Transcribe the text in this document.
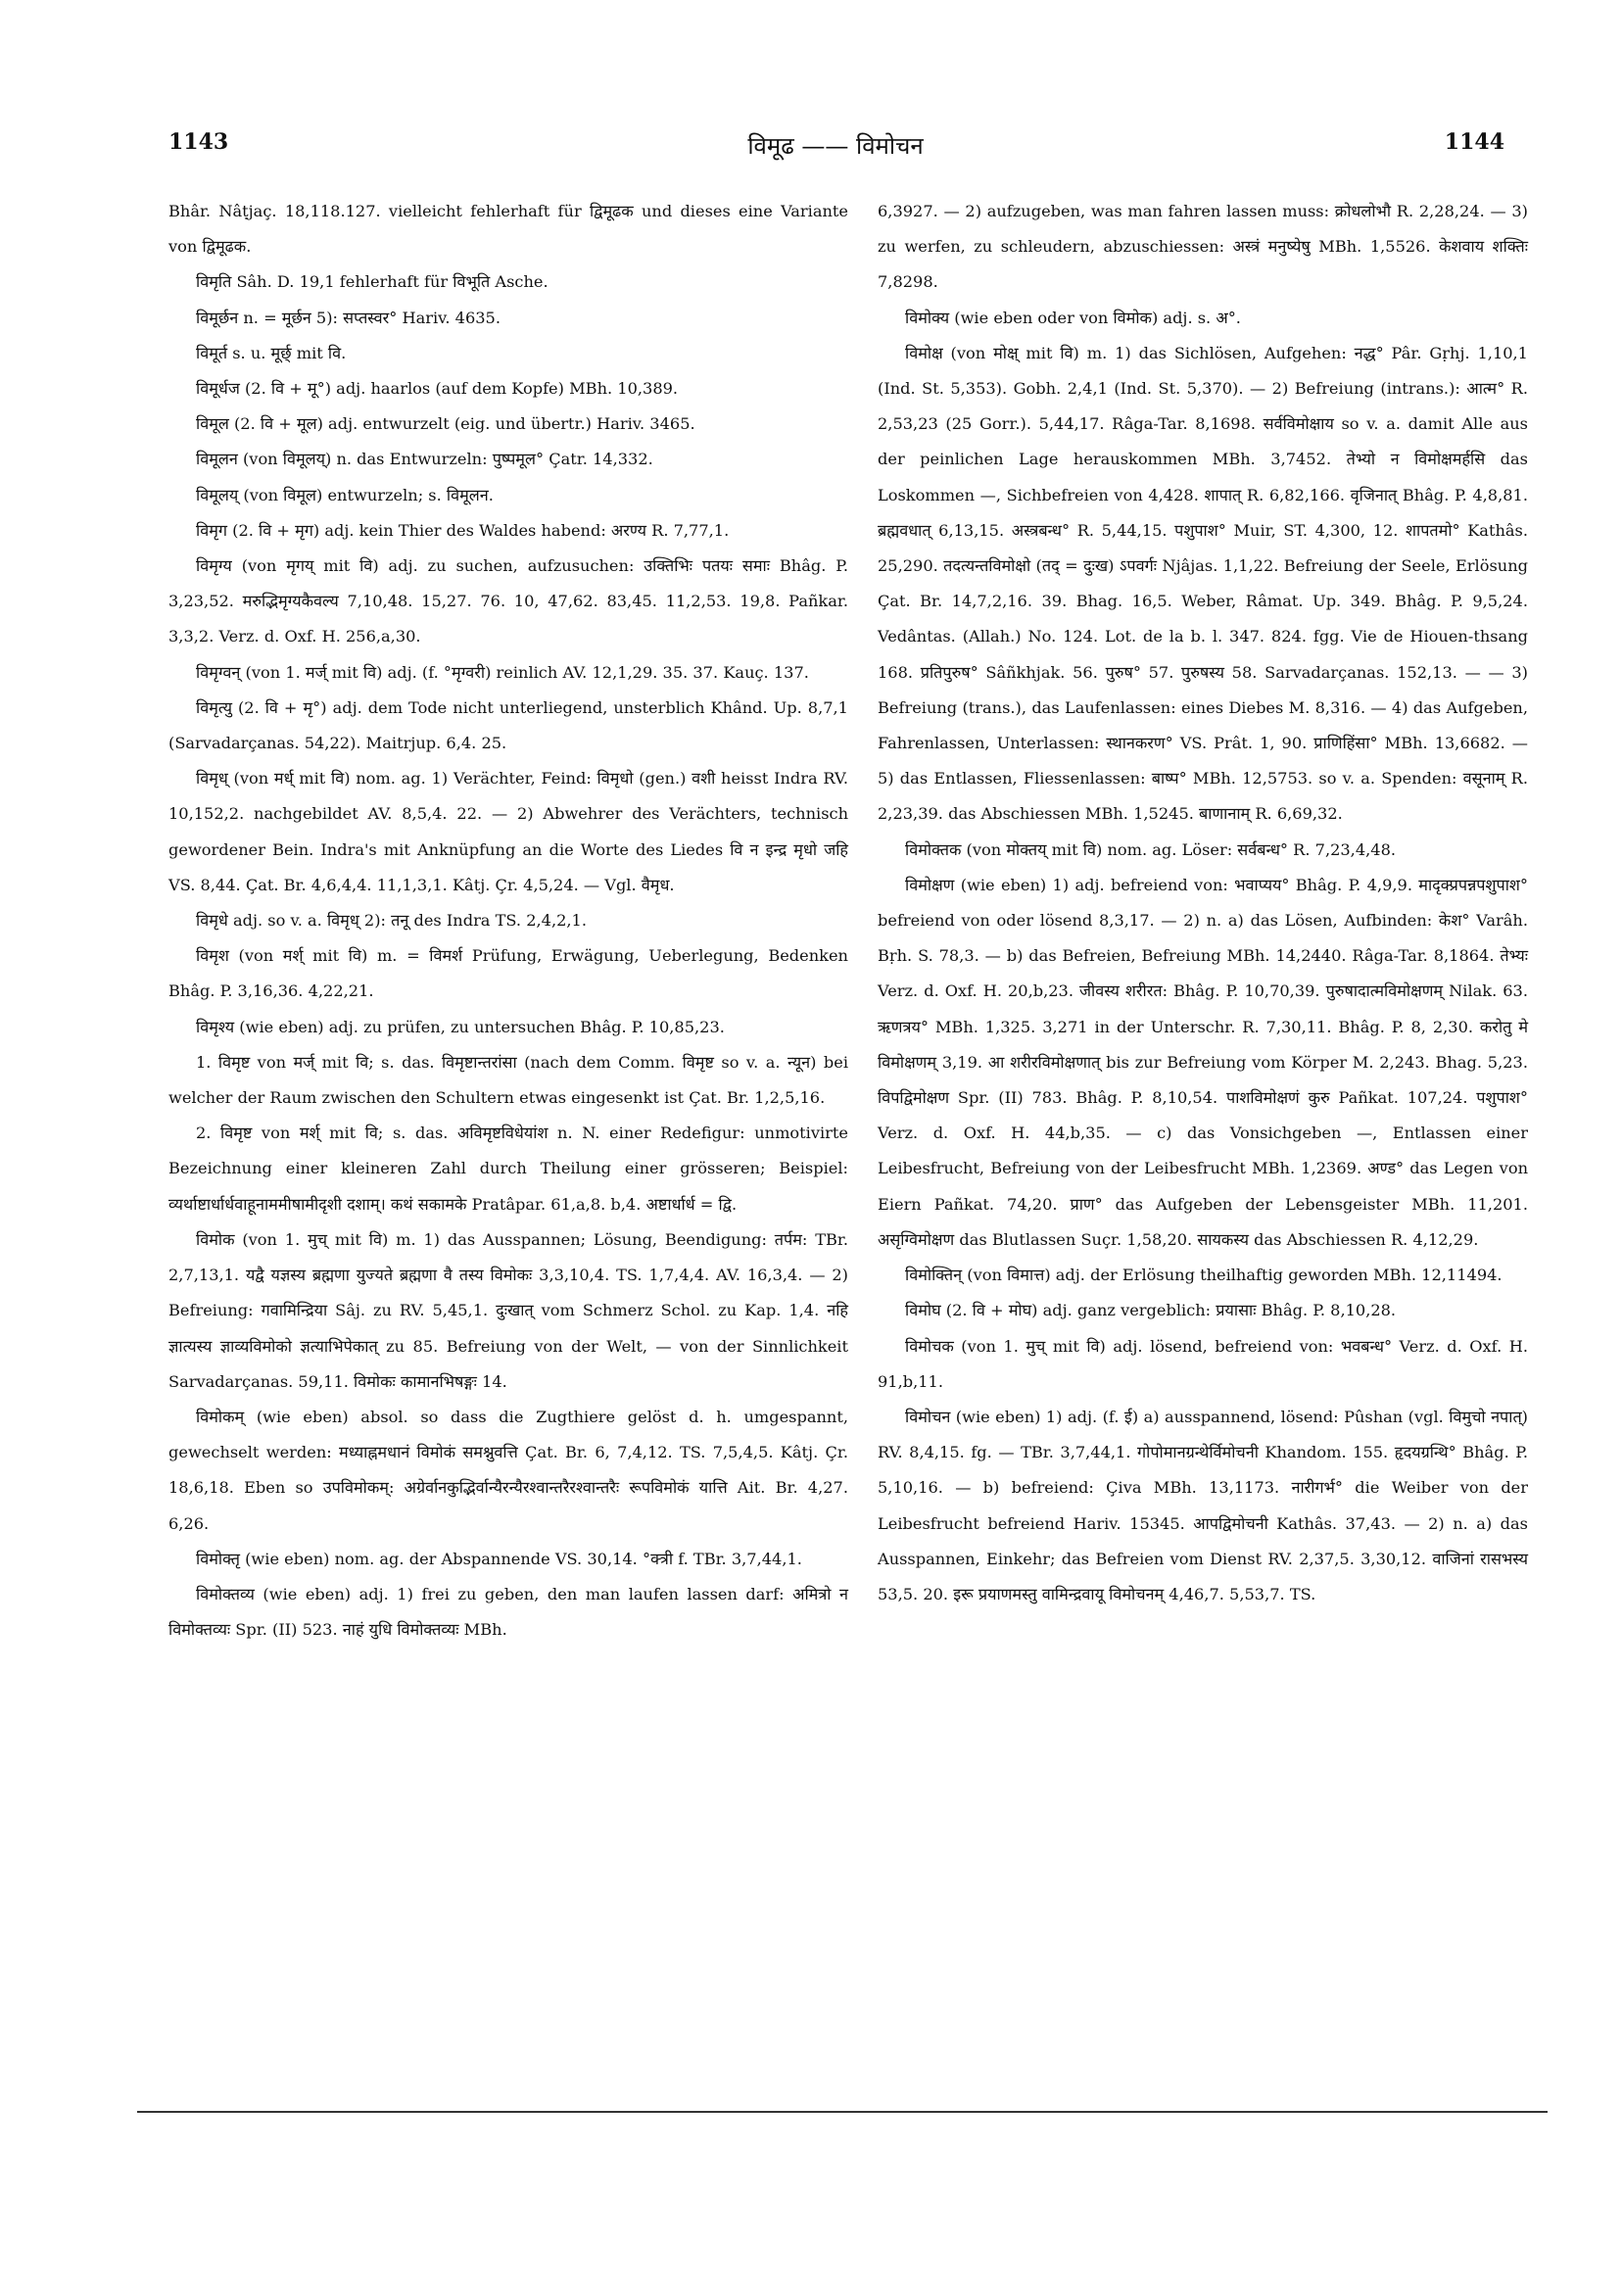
1143	विमूढ —— विमोचन	1144

Bhâr. Nâṭjaç. 18,118.127. vielleicht fehlerhaft für द्विमूढक und dieses eine Variante von द्विमूढक.

विमृति Sâh. D. 19,1 fehlerhaft für विभूति Asche.

विमूर्छन n. = मूर्छन 5): सप्तस्वर° Hariv. 4635.

विमूर्त s. u. मूर्छ् mit वि.

विमूर्धज (2. वि + मू°) adj. haarlos (auf dem Kopfe) MBh. 10,389.

विमूल (2. वि + मूल) adj. entwurzelt (eig. und übertr.) Hariv. 3465.

विमूलन (von विमूलय्) n. das Entwurzeln: पुष्पमूल° Çatr. 14,332.

विमूलय् (von विमूल) entwurzeln; s. विमूलन.

विमृग (2. वि + मृग) adj. kein Thier des Waldes habend: अरण्य R. 7,77,1.

विमृग्य (von मृगय् mit वि) adj. zu suchen, aufzusuchen: उक्तिभिः पतयः समाः Bhâg. P. 3,23,52. मरुद्भिमृग्यकैवल्य 7,10,48. 15,27. 76. 10, 47,62. 83,45. 11,2,53. 19,8. Pañkar. 3,3,2. Verz. d. Oxf. H. 256,a,30.

विमृग्वन् (von 1. मर्ज् mit वि) adj. (f. °मृग्वरी) reinlich AV. 12,1,29. 35. 37. Kauç. 137.

विमृत्यु (2. वि + मृ°) adj. dem Tode nicht unterliegend, unsterblich Khând. Up. 8,7,1 (Sarvadarçanas. 54,22). Maitrjup. 6,4. 25.

विमृध् (von मर्ध् mit वि) nom. ag. 1) Verächter, Feind: विमृधो (gen.) वशी heisst Indra RV. 10,152,2. nachgebildet AV. 8,5,4. 22. — 2) Abwehrer des Verächters, technisch gewordener Bein. Indra's mit Anknüpfung an die Worte des Liedes वि न इन्द्र मृधो जहि VS. 8,44. Çat. Br. 4,6,4,4. 11,1,3,1. Kâtj. Çr. 4,5,24. — Vgl. वैमृध.

विमृधे adj. so v. a. विमृध् 2): तनू des Indra TS. 2,4,2,1.

विमृश (von मर्श् mit वि) m. = विमर्श Prüfung, Erwägung, Ueberlegung, Bedenken Bhâg. P. 3,16,36. 4,22,21.

विमृश्य (wie eben) adj. zu prüfen, zu untersuchen Bhâg. P. 10,85,23.

1. विमृष्ट von मर्ज् mit वि; s. das. विमृष्टान्तरांसा (nach dem Comm. विमृष्ट so v. a. न्यून) bei welcher der Raum zwischen den Schultern etwas eingesenkt ist Çat. Br. 1,2,5,16.

2. विमृष्ट von मर्श् mit वि; s. das. अविमृष्टविधेयांश n. N. einer Redefigur: unmotivirte Bezeichnung einer kleineren Zahl durch Theilung einer grösseren; Beispiel: व्यर्थाष्टार्धार्धवाहूनाममीषामीदृशी दशाम्। कथं सकामके Pratâpar. 61,a,8. b,4. अष्टार्धार्ध = द्वि.

विमोक (von 1. मुच् mit वि) m. 1) das Ausspannen; Lösung, Beendigung: तर्पम: TBr. 2,7,13,1. यद्वै यज्ञस्य ब्रह्मणा युज्यते ब्रह्मणा वै तस्य विमोकः 3,3,10,4. TS. 1,7,4,4. AV. 16,3,4. — 2) Befreiung: गवामिन्द्रिया Sâj. zu RV. 5,45,1. दुःखात् vom Schmerz Schol. zu Kap. 1,4. नहि ज्ञात्यस्य ज्ञाव्यविमोको ज्ञत्याभिपेकात् zu 85. Befreiung von der Welt, — von der Sinnlichkeit Sarvadarçanas. 59,11. विमोकः कामानभिषङ्गः 14.

विमोकम् (wie eben) absol. so dass die Zugthiere gelöst d. h. umgespannt, gewechselt werden: मध्याह्नमधानं विमोकं समश्नुवत्ति Çat. Br. 6, 7,4,12. TS. 7,5,4,5. Kâtj. Çr. 18,6,18. Eben so उपविमोकम्: अग्रेर्वानकुद्भिर्वान्यैरन्यैरश्वान्तरैरश्वान्तरैः रूपविमोकं यात्ति Ait. Br. 4,27. 6,26.

विमोक्तृ (wie eben) nom. ag. der Abspannende VS. 30,14. °क्त्री f. TBr. 3,7,44,1.

विमोक्तव्य (wie eben) adj. 1) frei zu geben, den man laufen lassen darf: अमित्रो न विमोक्तव्यः Spr. (II) 523. नाहं युधि विमोक्तव्यः MBh.

6,3927. — 2) aufzugeben, was man fahren lassen muss: क्रोधलोभौ R. 2,28,24. — 3) zu werfen, zu schleudern, abzuschiessen: अस्त्रं मनुष्येषु MBh. 1,5526. केशवाय शक्तिः 7,8298.

विमोक्य (wie eben oder von विमोक) adj. s. अ°.

विमोक्ष (von मोक्ष् mit वि) m. 1) das Sichlösen, Aufgehen: नद्ध° Pâr. Gṛhj. 1,10,1 (Ind. St. 5,353). Gobh. 2,4,1 (Ind. St. 5,370). — 2) Befreiung (intrans.): आत्म° R. 2,53,23 (25 Gorr.). 5,44,17. Râga-Tar. 8,1698. सर्वविमोक्षाय so v. a. damit Alle aus der peinlichen Lage herauskommen MBh. 3,7452. तेभ्यो न विमोक्षमर्हसि das Loskommen —, Sichbefreien von 4,428. शापात् R. 6,82,166. वृजिनात् Bhâg. P. 4,8,81. ब्रह्मवधात् 6,13,15. अस्त्रबन्ध° R. 5,44,15. पशुपाश° Muir, ST. 4,300, 12. शापतमो° Kathâs. 25,290. तदत्यन्तविमोक्षो (तद् = दुःख) ऽपवर्गः Njâjas. 1,1,22. Befreiung der Seele, Erlösung Çat. Br. 14,7,2,16. 39. Bhag. 16,5. Weber, Râmat. Up. 349. Bhâg. P. 9,5,24. Vedântas. (Allah.) No. 124. Lot. de la b. l. 347. 824. fgg. Vie de Hiouen-thsang 168. प्रतिपुरुष° Sâñkhjak. 56. पुरुष° 57. पुरुषस्य 58. Sarvadarçanas. 152,13. — — 3) Befreiung (trans.), das Laufenlassen: eines Diebes M. 8,316. — 4) das Aufgeben, Fahrenlassen, Unterlassen: स्थानकरण° VS. Prât. 1, 90. प्राणिहिंसा° MBh. 13,6682. — 5) das Entlassen, Fliessenlassen: बाष्प° MBh. 12,5753. so v. a. Spenden: वसूनाम् R. 2,23,39. das Abschiessen MBh. 1,5245. बाणानाम् R. 6,69,32.

विमोक्तक (von मोक्तय् mit वि) nom. ag. Löser: सर्वबन्ध° R. 7,23,4,48.

विमोक्षण (wie eben) 1) adj. befreiend von: भवाप्यय° Bhâg. P. 4,9,9. मादृक्प्रपन्नपशुपाश° befreiend von oder lösend 8,3,17. — 2) n. a) das Lösen, Aufbinden: केश° Varâh. Bṛh. S. 78,3. — b) das Befreien, Befreiung MBh. 14,2440. Râga-Tar. 8,1864. तेभ्यः Verz. d. Oxf. H. 20,b,23. जीवस्य शरीरत: Bhâg. P. 10,70,39. पुरुषादात्मविमोक्षणम् Nilak. 63. ऋणत्रय° MBh. 1,325. 3,271 in der Unterschr. R. 7,30,11. Bhâg. P. 8, 2,30. करोतु मे विमोक्षणम् 3,19. आ शरीरविमोक्षणात् bis zur Befreiung vom Körper M. 2,243. Bhag. 5,23. विपद्विमोक्षण Spr. (II) 783. Bhâg. P. 8,10,54. पाशविमोक्षणं कुरु Pañkat. 107,24. पशुपाश° Verz. d. Oxf. H. 44,b,35. — c) das Vonsichgeben —, Entlassen einer Leibesfrucht, Befreiung von der Leibesfrucht MBh. 1,2369. अण्ड° das Legen von Eiern Pañkat. 74,20. प्राण° das Aufgeben der Lebensgeister MBh. 11,201. असृग्विमोक्षण das Blutlassen Suçr. 1,58,20. सायकस्य das Abschiessen R. 4,12,29.

विमोक्तिन् (von विमात्त) adj. der Erlösung theilhaftig geworden MBh. 12,11494.

विमोघ (2. वि + मोघ) adj. ganz vergeblich: प्रयासाः Bhâg. P. 8,10,28.

विमोचक (von 1. मुच् mit वि) adj. lösend, befreiend von: भवबन्ध° Verz. d. Oxf. H. 91,b,11.

विमोचन (wie eben) 1) adj. (f. ई) a) ausspannend, lösend: Pûshan (vgl. विमुचो नपात्) RV. 8,4,15. fg. — TBr. 3,7,44,1. गोपोमानग्रन्थेर्विमोचनी Khandom. 155. हृदयग्रन्थि° Bhâg. P. 5,10,16. — b) befreiend: Çiva MBh. 13,1173. नारीगर्भ° die Weiber von der Leibesfrucht befreiend Hariv. 15345. आपद्विमोचनी Kathâs. 37,43. — 2) n. a) das Ausspannen, Einkehr; das Befreien vom Dienst RV. 2,37,5. 3,30,12. वाजिनां रासभस्य 53,5. 20. इरू प्रयाणमस्तु वामिन्द्रवायू विमोचनम् 4,46,7. 5,53,7. TS.
